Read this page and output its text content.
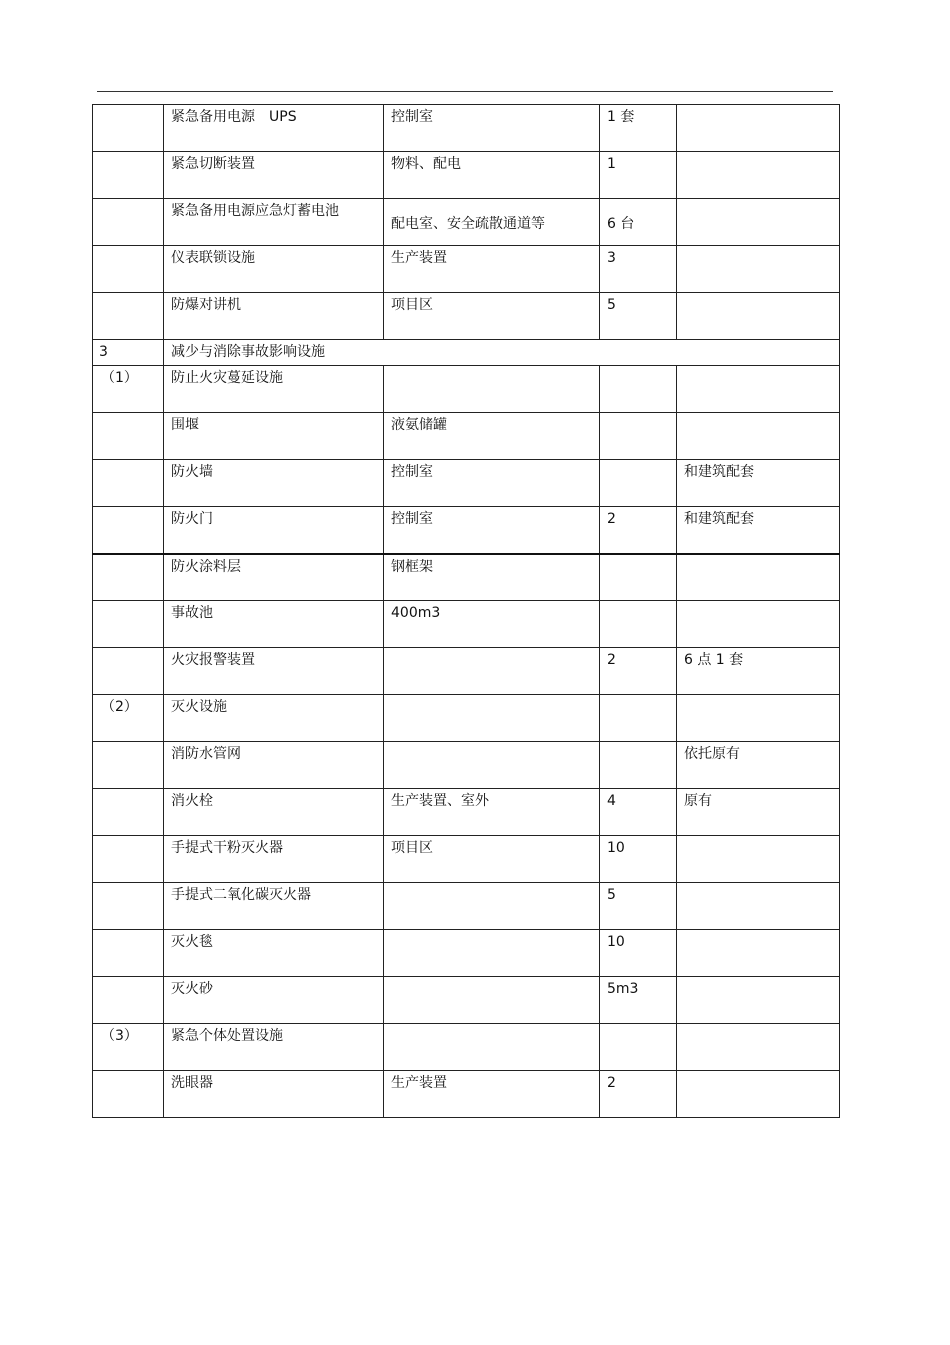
	紧急备用电源　UPS	控制室	1 套	
	紧急切断装置	物料、配电	1	
	紧急备用电源应急灯蓄电池	配电室、安全疏散通道等	6 台	
	仪表联锁设施	生产装置	3	
	防爆对讲机	项目区	5	
3	减少与消除事故影响设施			
（1）	防止火灾蔓延设施			
	围堰	液氨储罐		
	防火墙	控制室		和建筑配套
	防火门	控制室	2	和建筑配套
	防火涂料层	钢框架		
	事故池	400m3		
	火灾报警装置		2	6 点 1 套
（2）	灭火设施			
	消防水管网			依托原有
	消火栓	生产装置、室外	4	原有
	手提式干粉灭火器	项目区	10	
	手提式二氧化碳灭火器		5	
	灭火毯		10	
	灭火砂		5m3	
（3）	紧急个体处置设施			
	洗眼器	生产装置	2	
